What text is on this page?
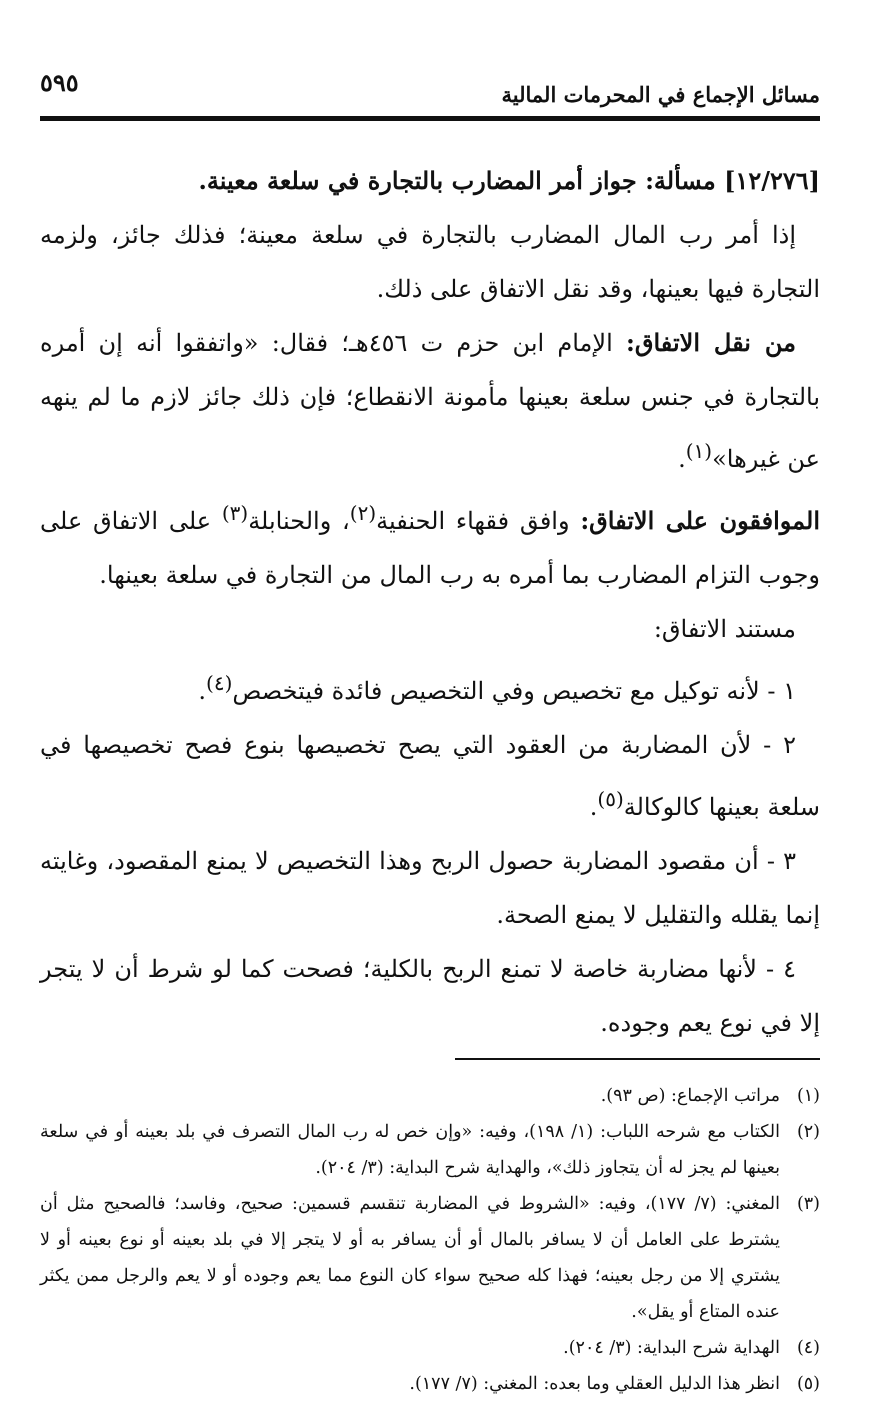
مسائل الإجماع في المحرمات المالية
٥٩٥

[١٢/٢٧٦] مسألة: جواز أمر المضارب بالتجارة في سلعة معينة.

إذا أمر رب المال المضارب بالتجارة في سلعة معينة؛ فذلك جائز، ولزمه التجارة فيها بعينها، وقد نقل الاتفاق على ذلك.

من نقل الاتفاق: الإمام ابن حزم ت ٤٥٦هـ؛ فقال: «واتفقوا أنه إن أمره بالتجارة في جنس سلعة بعينها مأمونة الانقطاع؛ فإن ذلك جائز لازم ما لم ينهه عن غيرها»$^{(١)}$.

الموافقون على الاتفاق: وافق فقهاء الحنفية$^{(٢)}$، والحنابلة$^{(٣)}$ على الاتفاق على وجوب التزام المضارب بما أمره به رب المال من التجارة في سلعة بعينها.

مستند الاتفاق:

١ - لأنه توكيل مع تخصيص وفي التخصيص فائدة فيتخصص$^{(٤)}$.

٢ - لأن المضاربة من العقود التي يصح تخصيصها بنوع فصح تخصيصها في سلعة بعينها كالوكالة$^{(٥)}$.

٣ - أن مقصود المضاربة حصول الربح وهذا التخصيص لا يمنع المقصود، وغايته إنما يقلله والتقليل لا يمنع الصحة.

٤ - لأنها مضاربة خاصة لا تمنع الربح بالكلية؛ فصحت كما لو شرط أن لا يتجر إلا في نوع يعم وجوده.

(١)
مراتب الإجماع: (ص ٩٣).

(٢)
الكتاب مع شرحه اللباب: (١/ ١٩٨)، وفيه: «وإن خص له رب المال التصرف في بلد بعينه أو في سلعة بعينها لم يجز له أن يتجاوز ذلك»، والهداية شرح البداية: (٣/ ٢٠٤).

(٣)
المغني: (٧/ ١٧٧)، وفيه: «الشروط في المضاربة تنقسم قسمين: صحيح، وفاسد؛ فالصحيح مثل أن يشترط على العامل أن لا يسافر بالمال أو أن يسافر به أو لا يتجر إلا في بلد بعينه أو نوع بعينه أو لا يشتري إلا من رجل بعينه؛ فهذا كله صحيح سواء كان النوع مما يعم وجوده أو لا يعم والرجل ممن يكثر عنده المتاع أو يقل».

(٤)
الهداية شرح البداية: (٣/ ٢٠٤).

(٥)
انظر هذا الدليل العقلي وما بعده: المغني: (٧/ ١٧٧).
